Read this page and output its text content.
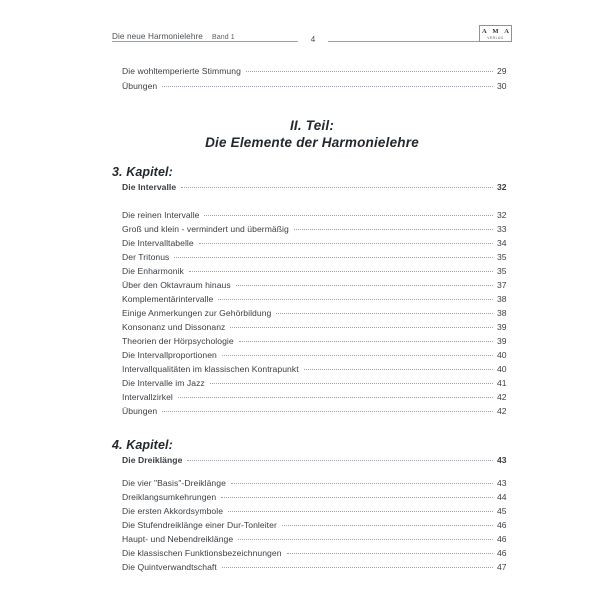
Die neue Harmonielehre Band 1	4
A M A
VERLAG
Die wohltemperierte Stimmung	29
Übungen	30
II. Teil:
Die Elemente der Harmonielehre
3. Kapitel:
Die Intervalle	32
Die reinen Intervalle	32
Groß und klein - vermindert und übermäßig	33
Die Intervalltabelle	34
Der Tritonus	35
Die Enharmonik	35
Über den Oktavraum hinaus	37
Komplementärintervalle	38
Einige Anmerkungen zur Gehörbildung	38
Konsonanz und Dissonanz	39
Theorien der Hörpsychologie	39
Die Intervallproportionen	40
Intervallqualitäten im klassischen Kontrapunkt	40
Die Intervalle im Jazz	41
Intervallzirkel	42
Übungen	42
4. Kapitel:
Die Dreiklänge	43
Die vier "Basis"-Dreiklänge	43
Dreiklangsumkehrungen	44
Die ersten Akkordsymbole	45
Die Stufendreiklänge einer Dur-Tonleiter	46
Haupt- und Nebendreiklänge	46
Die klassischen Funktionsbezeichnungen	46
Die Quintverwandtschaft	47
